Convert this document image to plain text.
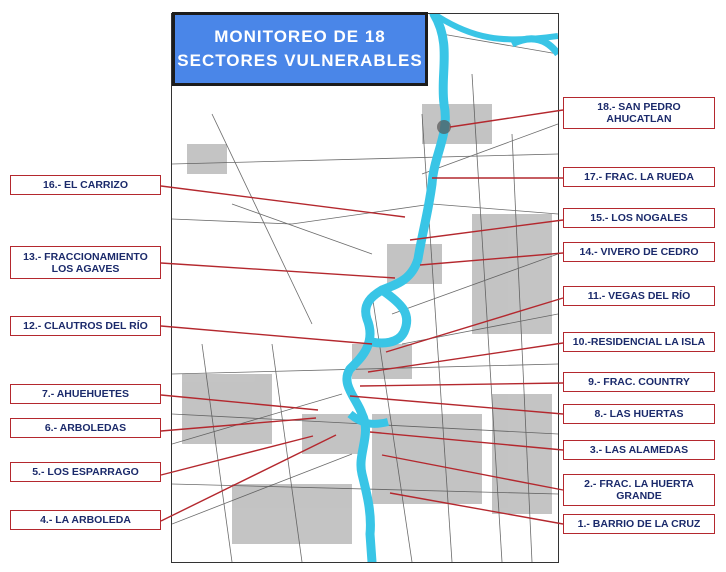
MONITOREO DE 18
SECTORES VULNERABLES
16.- EL CARRIZO
13.- FRACCIONAMIENTO LOS AGAVES
12.- CLAUTROS DEL RÍO
7.- AHUEHUETES
6.- ARBOLEDAS
5.- LOS ESPARRAGO
4.- LA ARBOLEDA
18.- SAN PEDRO AHUCATLAN
17.- FRAC. LA RUEDA
15.- LOS NOGALES
14.- VIVERO DE CEDRO
11.- VEGAS DEL RÍO
10.-RESIDENCIAL LA ISLA
9.- FRAC. COUNTRY
8.- LAS HUERTAS
3.- LAS ALAMEDAS
2.- FRAC. LA HUERTA GRANDE
1.- BARRIO DE LA CRUZ
